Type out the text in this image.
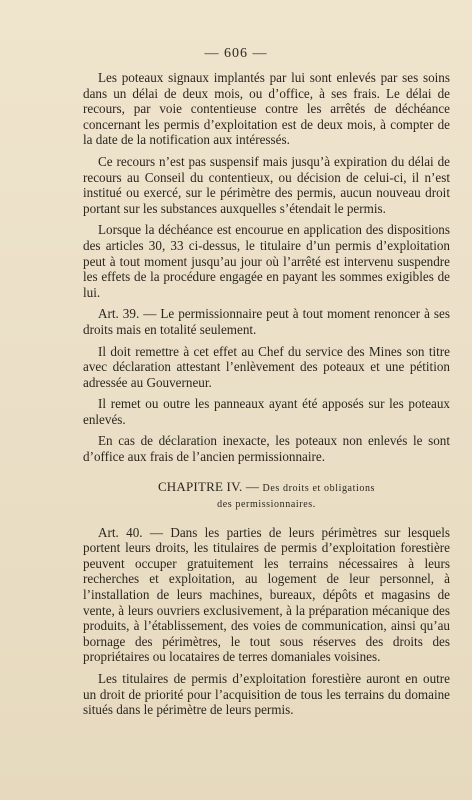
— 606 —

Les poteaux signaux implantés par lui sont enlevés par ses soins dans un délai de deux mois, ou d’office, à ses frais. Le délai de recours, par voie contentieuse contre les arrêtés de déchéance concernant les permis d’exploitation est de deux mois, à compter de la date de la notification aux intéressés.

Ce recours n’est pas suspensif mais jusqu’à expiration du délai de recours au Conseil du contentieux, ou décision de celui-ci, il n’est institué ou exercé, sur le périmètre des permis, aucun nouveau droit portant sur les substances auxquelles s’étendait le permis.

Lorsque la déchéance est encourue en application des dispositions des articles 30, 33 ci-dessus, le titulaire d’un permis d’exploitation peut à tout moment jusqu’au jour où l’arrêté est intervenu suspendre les effets de la procédure engagée en payant les sommes exigibles de lui.

Art. 39. — Le permissionnaire peut à tout moment renoncer à ses droits mais en totalité seulement.

Il doit remettre à cet effet au Chef du service des Mines son titre avec déclaration attestant l’enlèvement des poteaux et une pétition adressée au Gouverneur.

Il remet ou outre les panneaux ayant été apposés sur les poteaux enlevés.

En cas de déclaration inexacte, les poteaux non enlevés le sont d’office aux frais de l’ancien permissionnaire.

CHAPITRE IV. — Des droits et obligations
des permissionnaires.

Art. 40. — Dans les parties de leurs périmètres sur lesquels portent leurs droits, les titulaires de permis d’exploitation forestière peuvent occuper gratuitement les terrains nécessaires à leurs recherches et exploitation, au logement de leur personnel, à l’installation de leurs machines, bureaux, dépôts et magasins de vente, à leurs ouvriers exclusivement, à la préparation mécanique des produits, à l’établissement, des voies de communication, ainsi qu’au bornage des périmètres, le tout sous réserves des droits des propriétaires ou locataires de terres domaniales voisines.

Les titulaires de permis d’exploitation forestière auront en outre un droit de priorité pour l’acquisition de tous les terrains du domaine situés dans le périmètre de leurs permis.
